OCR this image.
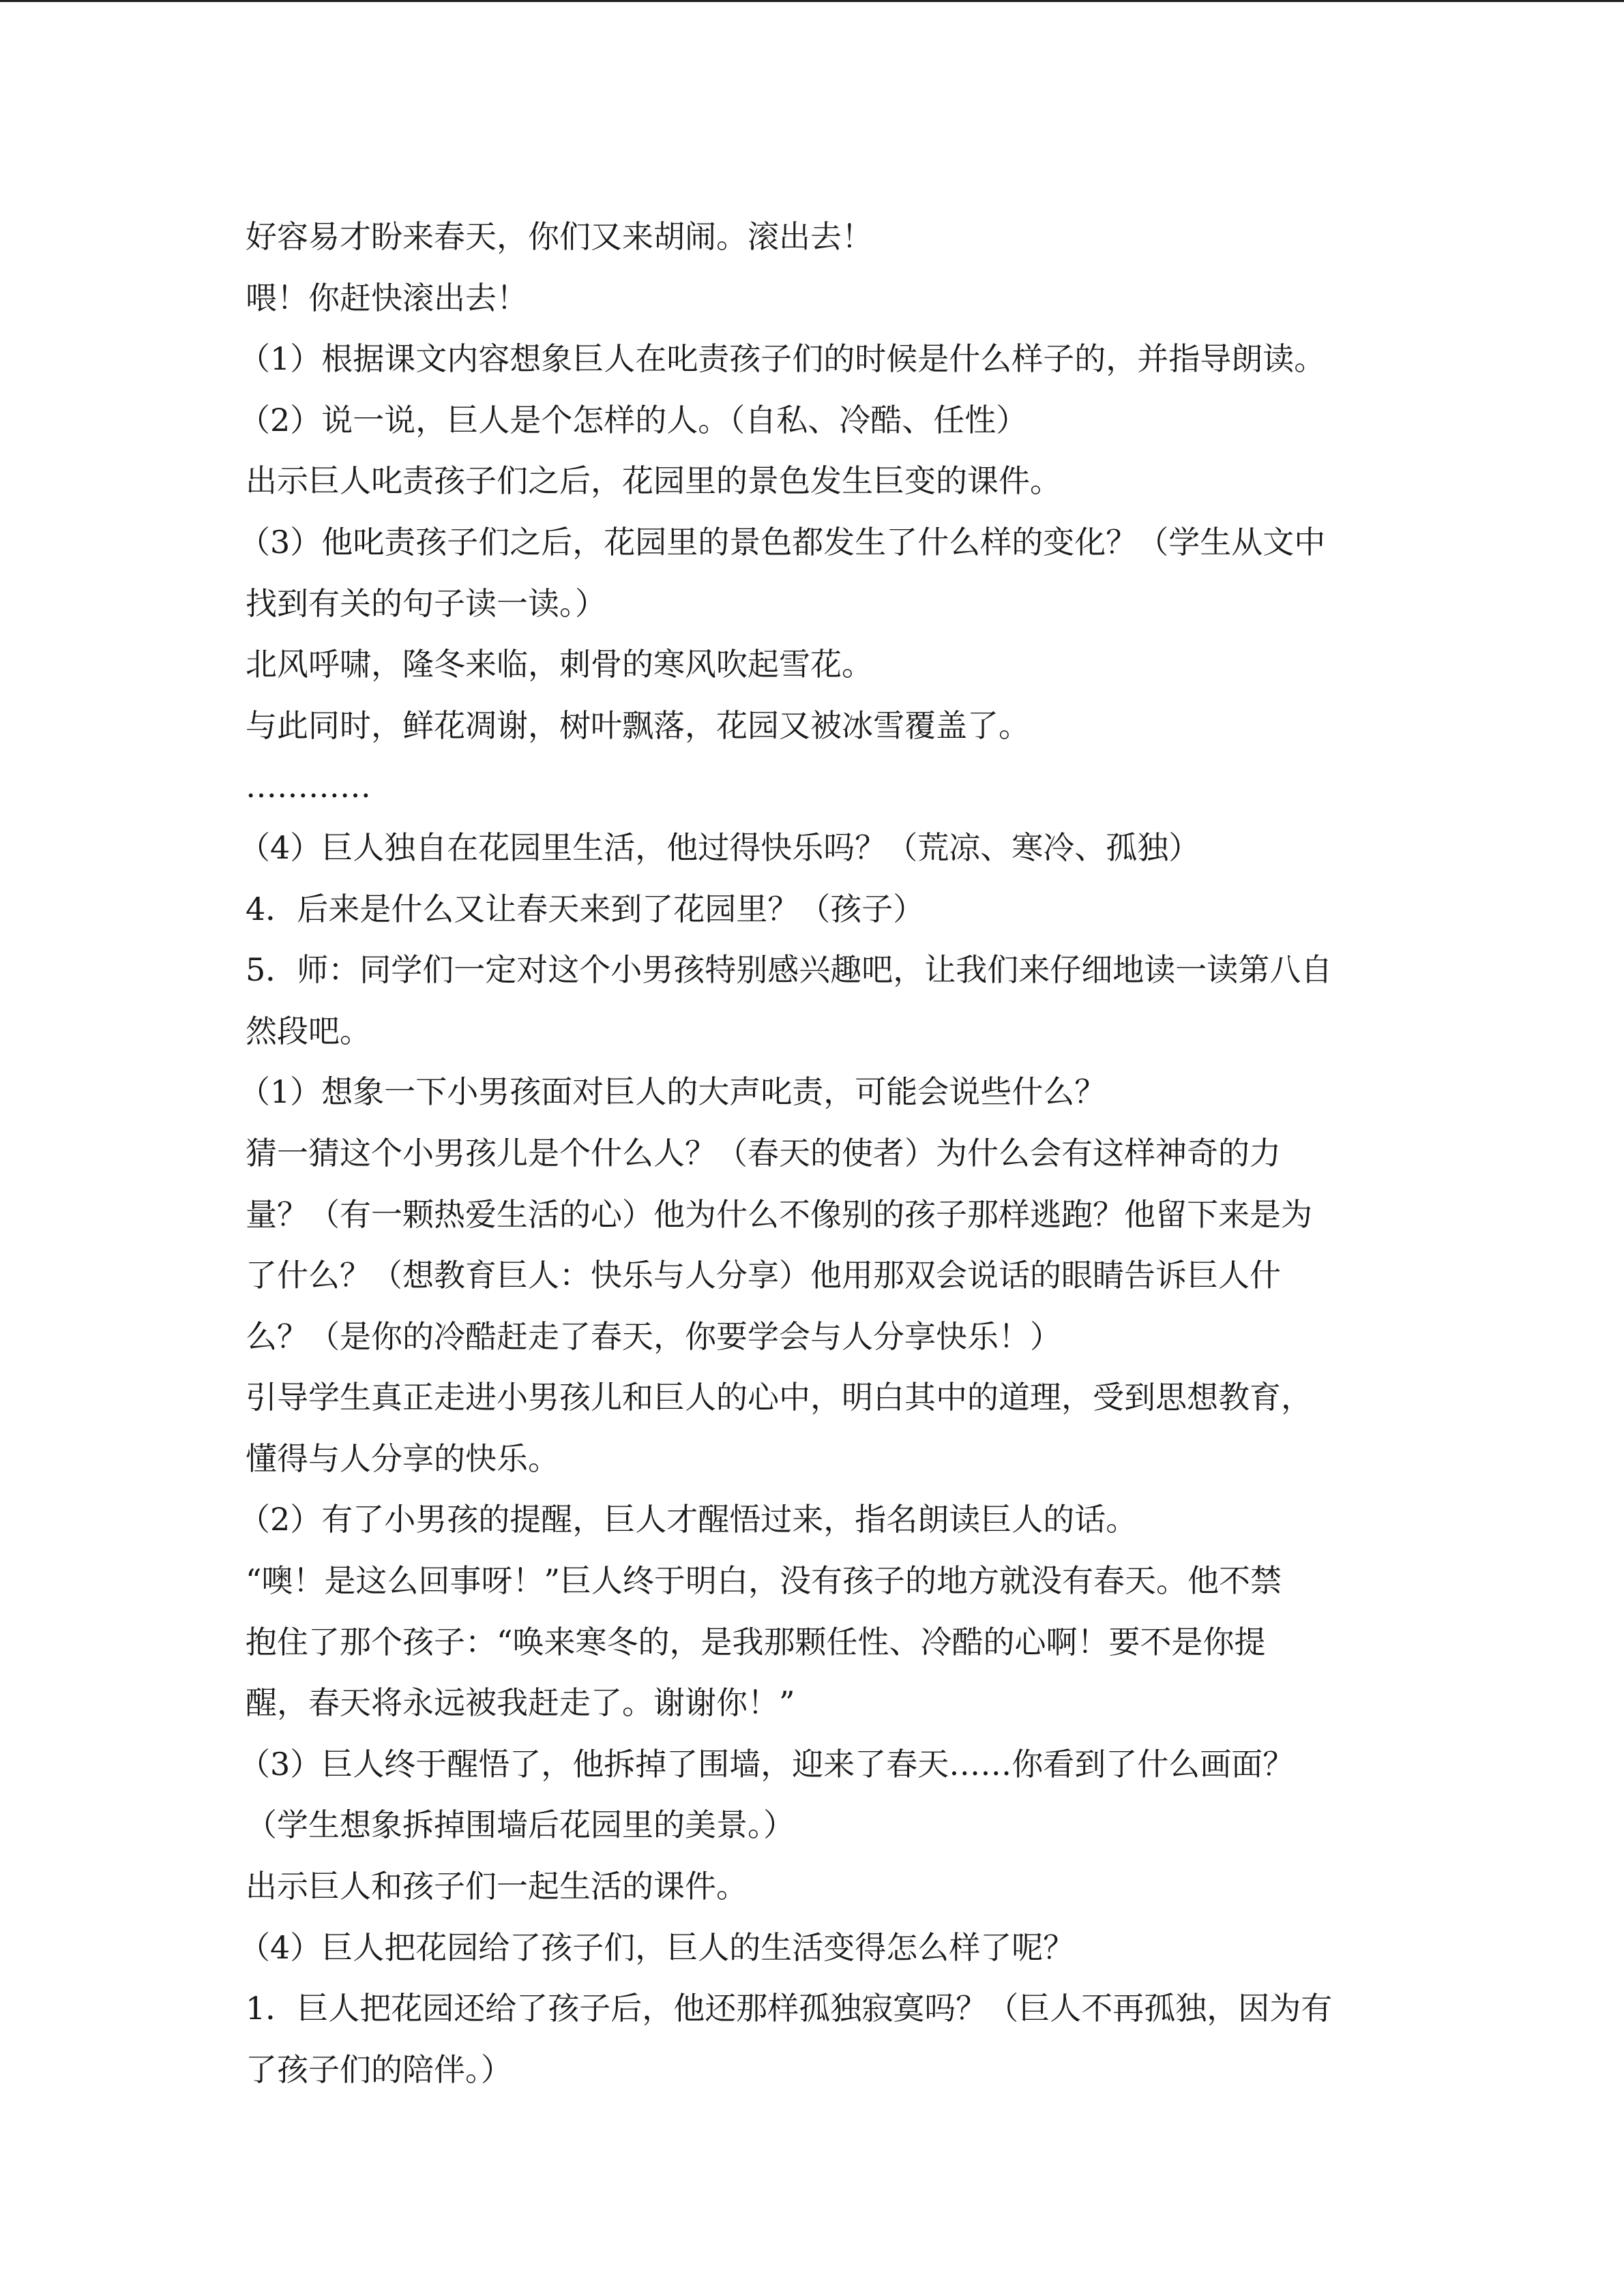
好容易才盼来春天，你们又来胡闹。滚出去！
喂！你赶快滚出去！
（1）根据课文内容想象巨人在叱责孩子们的时候是什么样子的，并指导朗读。
（2）说一说，巨人是个怎样的人。（自私、冷酷、任性）
出示巨人叱责孩子们之后，花园里的景色发生巨变的课件。
（3）他叱责孩子们之后，花园里的景色都发生了什么样的变化？（学生从文中
找到有关的句子读一读。）
北风呼啸，隆冬来临，刺骨的寒风吹起雪花。
与此同时，鲜花凋谢，树叶飘落，花园又被冰雪覆盖了。
…………
（4）巨人独自在花园里生活，他过得快乐吗？（荒凉、寒冷、孤独）
4．后来是什么又让春天来到了花园里？（孩子）
5．师：同学们一定对这个小男孩特别感兴趣吧，让我们来仔细地读一读第八自
然段吧。
（1）想象一下小男孩面对巨人的大声叱责，可能会说些什么？
猜一猜这个小男孩儿是个什么人？（春天的使者）为什么会有这样神奇的力
量？（有一颗热爱生活的心）他为什么不像别的孩子那样逃跑？他留下来是为
了什么？（想教育巨人：快乐与人分享）他用那双会说话的眼睛告诉巨人什
么？（是你的冷酷赶走了春天，你要学会与人分享快乐！）
引导学生真正走进小男孩儿和巨人的心中，明白其中的道理，受到思想教育，
懂得与人分享的快乐。
（2）有了小男孩的提醒，巨人才醒悟过来，指名朗读巨人的话。
“噢！是这么回事呀！”巨人终于明白，没有孩子的地方就没有春天。他不禁
抱住了那个孩子：“唤来寒冬的，是我那颗任性、冷酷的心啊！要不是你提
醒，春天将永远被我赶走了。谢谢你！”
（3）巨人终于醒悟了，他拆掉了围墙，迎来了春天……你看到了什么画面？
（学生想象拆掉围墙后花园里的美景。）
出示巨人和孩子们一起生活的课件。
（4）巨人把花园给了孩子们，巨人的生活变得怎么样了呢？
1．巨人把花园还给了孩子后，他还那样孤独寂寞吗？（巨人不再孤独，因为有
了孩子们的陪伴。）
